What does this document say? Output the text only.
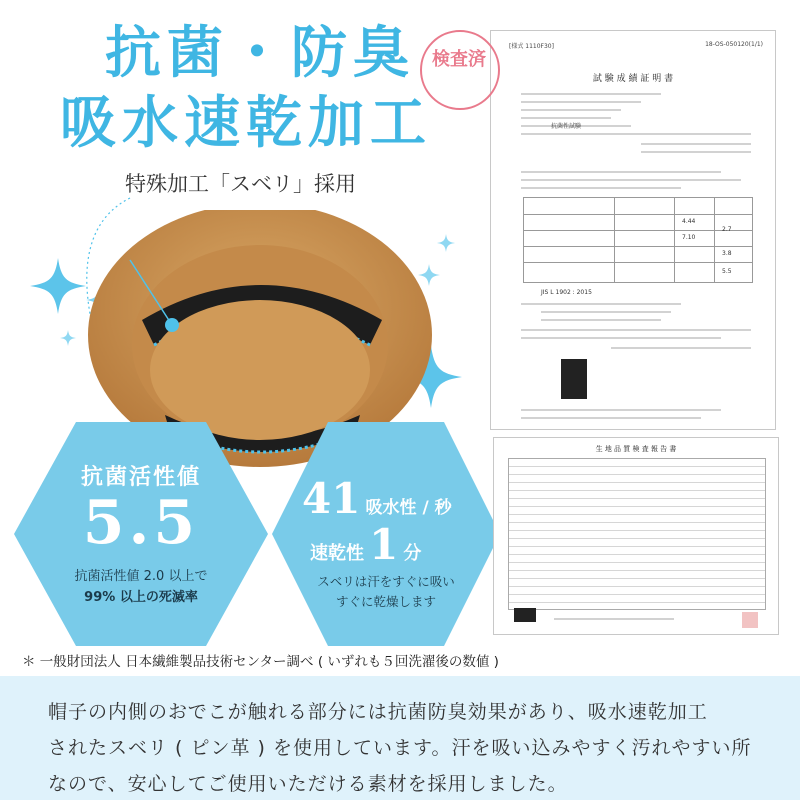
抗菌・防臭
吸水速乾加工
特殊加工「スベリ」採用
抗菌活性値
5.5
抗菌活性値 2.0 以上で
99% 以上の死滅率
41 吸水性 / 秒
速乾性 1 分
スベリは汗をすぐに吸い
すぐに乾燥します
＊ 一般財団法人 日本繊維製品技術センター調べ ( いずれも５回洗濯後の数値 )
[様式 1110F30]	18-OS-050120(1/1)
試 験 成 績 証 明 書
抗菌性試験
4.44
7.10
2.7
3.8
5.5
JIS L 1902 : 2015
検査済
生 地 品 質 検 査 報 告 書

帽子の内側のおでこが触れる部分には抗菌防臭効果があり、吸水速乾加工

されたスベリ ( ピン革 ) を使用しています。汗を吸い込みやすく汚れやすい所

なので、安心してご使用いただける素材を採用しました。
